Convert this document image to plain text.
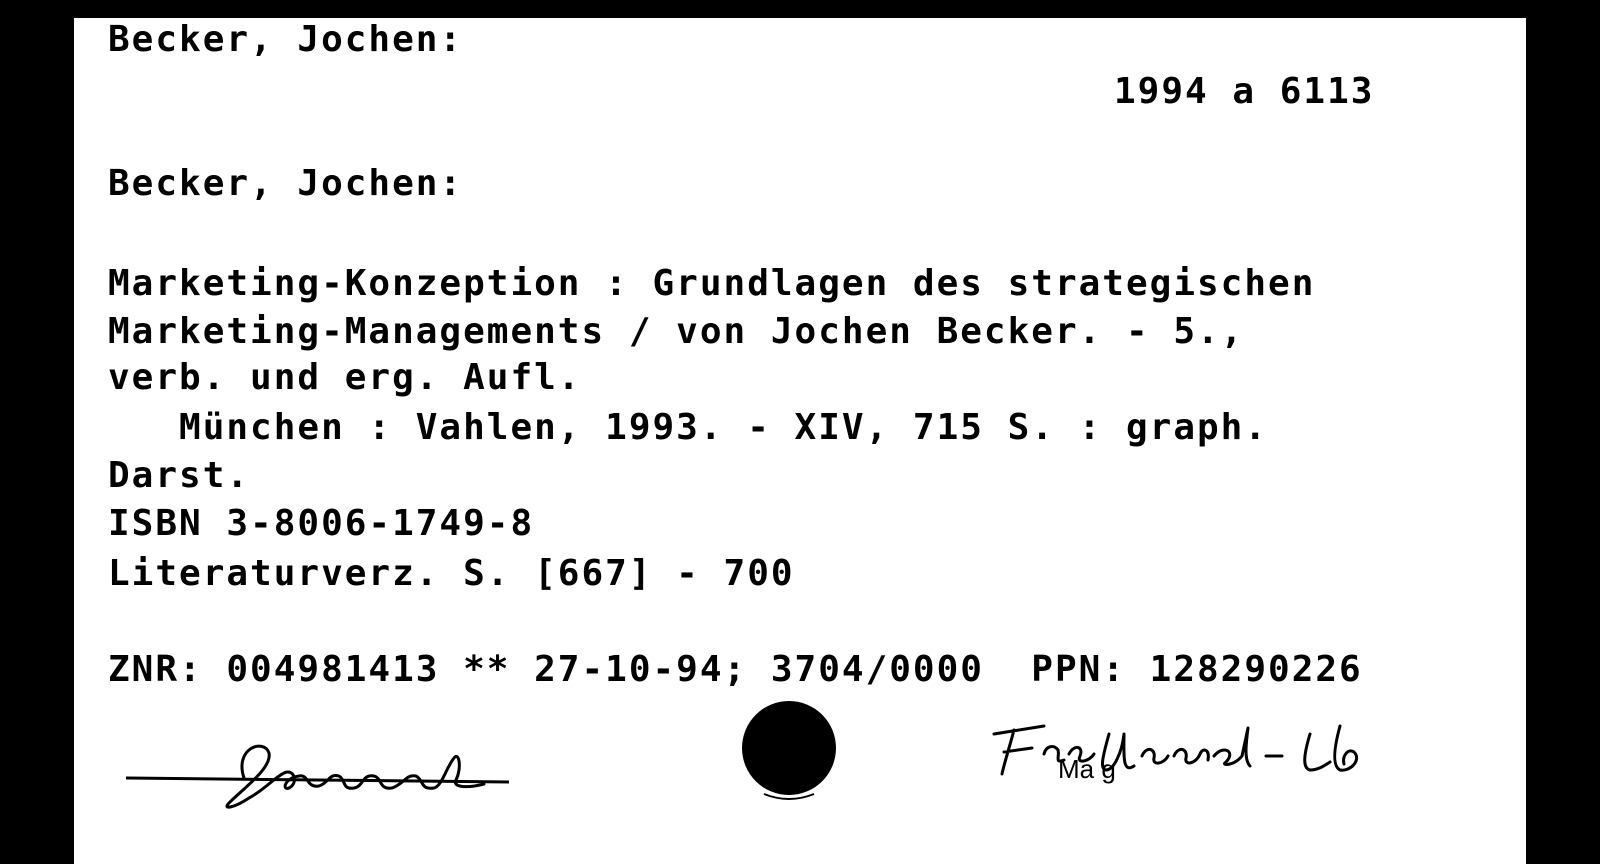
Becker, Jochen:
1994 a 6113
Becker, Jochen:
Marketing-Konzeption : Grundlagen des strategischen
Marketing-Managements / von Jochen Becker. - 5.,
verb. und erg. Aufl.
München : Vahlen, 1993. - XIV, 715 S. : graph.
Darst.
ISBN 3-8006-1749-8
Literaturverz. S. [667] - 700
ZNR: 004981413 ** 27-10-94; 3704/0000  PPN: 128290226
Ma g
